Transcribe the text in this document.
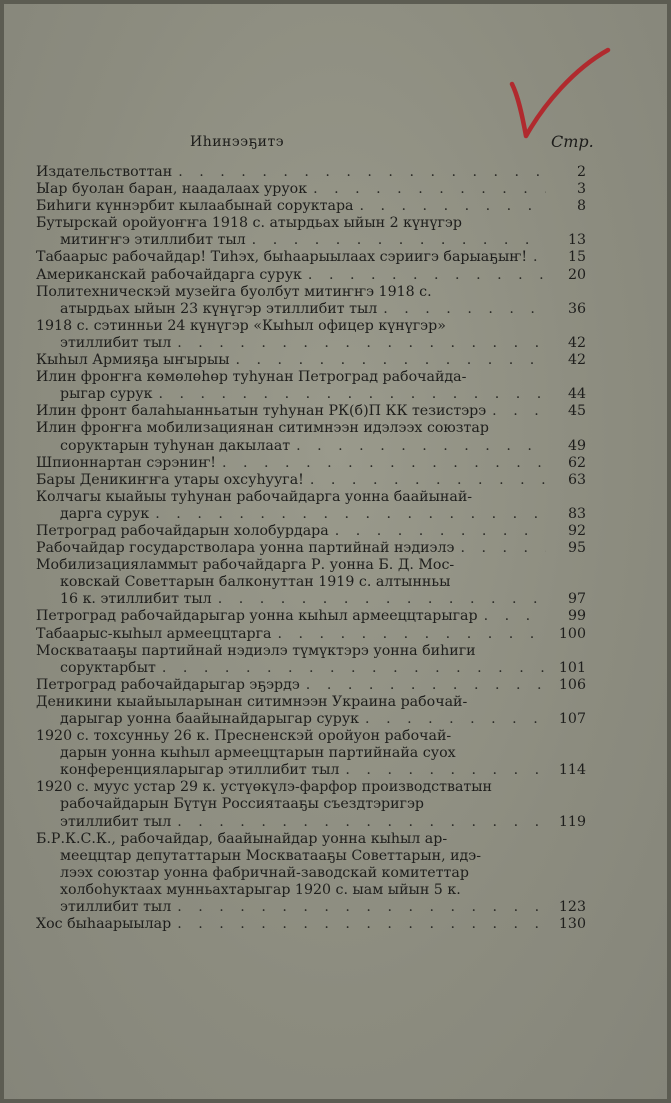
Иһинээҕитэ	Стр.
Издательствоттан . . .	2
Ыар буолан баран, наадалаах уруок . . .	3
Биһиги күннэрбит кылаабынай соруктара . . .	8
Бутырскай оройуоҥҥа 1918 с. атырдьах ыйын 2 күнүгэр
митиҥҥэ этиллибит тыл . . .	13
Табаарыс рабочайдар! Тиһэх, быһаарыылаах сэриигэ барыаҕыҥ! . . .	15
Американскай рабочайдарга сурук . . .	20
Политехническэй музейга буолбут митиҥҥэ 1918 с.
атырдьах ыйын 23 күнүгэр этиллибит тыл . . .	36
1918 с. сэтинньи 24 күнүгэр «Кыһыл офицер күнүгэр»
этиллибит тыл . . .	42
Кыһыл Армияҕа ыҥырыы . . .	42
Илин фроҥҥа көмөлөһөр туһунан Петроград рабочайда-
рыгар сурук . . .	44
Илин фронт балаһыанньатын туһунан РК(б)П КК тезистэрэ . . .	45
Илин фроҥҥа мобилизациянан ситимнээн идэлээх союзтар
соруктарын туһунан дакылаат . . .	49
Шпионнартан сэрэниҥ! . . .	62
Бары Деникиҥҥа утары охсуһууга! . . .	63
Колчагы кыайыы туһунан рабочайдарга уонна баайынай-
дарга сурук . . .	83
Петроград рабочайдарын холобурдара . . .	92
Рабочайдар государстволара уонна партийнай нэдиэлэ . . .	95
Мобилизацияламмыт рабочайдарга Р. уонна Б. Д. Мос-
ковскай Советтарын балконуттан 1919 с. алтынньы
16 к. этиллибит тыл . . .	97
Петроград рабочайдарыгар уонна кыһыл армееццтарыгар . . .	99
Табаарыс-кыһыл армееццтарга . . .	100
Москватааҕы партийнай нэдиэлэ түмүктэрэ уонна биһиги
соруктарбыт . . .	101
Петроград рабочайдарыгар эҕэрдэ . . .	106
Деникини кыайыыларынан ситимнээн Украина рабочай-
дарыгар уонна баайынайдарыгар сурук . . .	107
1920 с. тохсунньу 26 к. Пресненскэй оройуон рабочай-
дарын уонна кыһыл армееццтарын партийнайа суох
конференцияларыгар этиллибит тыл . . .	114
1920 с. муус устар 29 к. устүөкүлэ-фарфор производстватын
рабочайдарын Бүтүн Россиятааҕы съездтэригэр
этиллибит тыл . . .	119
Б.Р.К.С.К., рабочайдар, баайынайдар уонна кыһыл ар-
мееццтар депутаттарын Москватааҕы Советтарын, идэ-
лээх союзтар уонна фабричнай-заводскай комитеттар
холбоһуктаах мунньахтарыгар 1920 с. ыам ыйын 5 к.
этиллибит тыл . . .	123
Хос быһаарыылар . . .	130
